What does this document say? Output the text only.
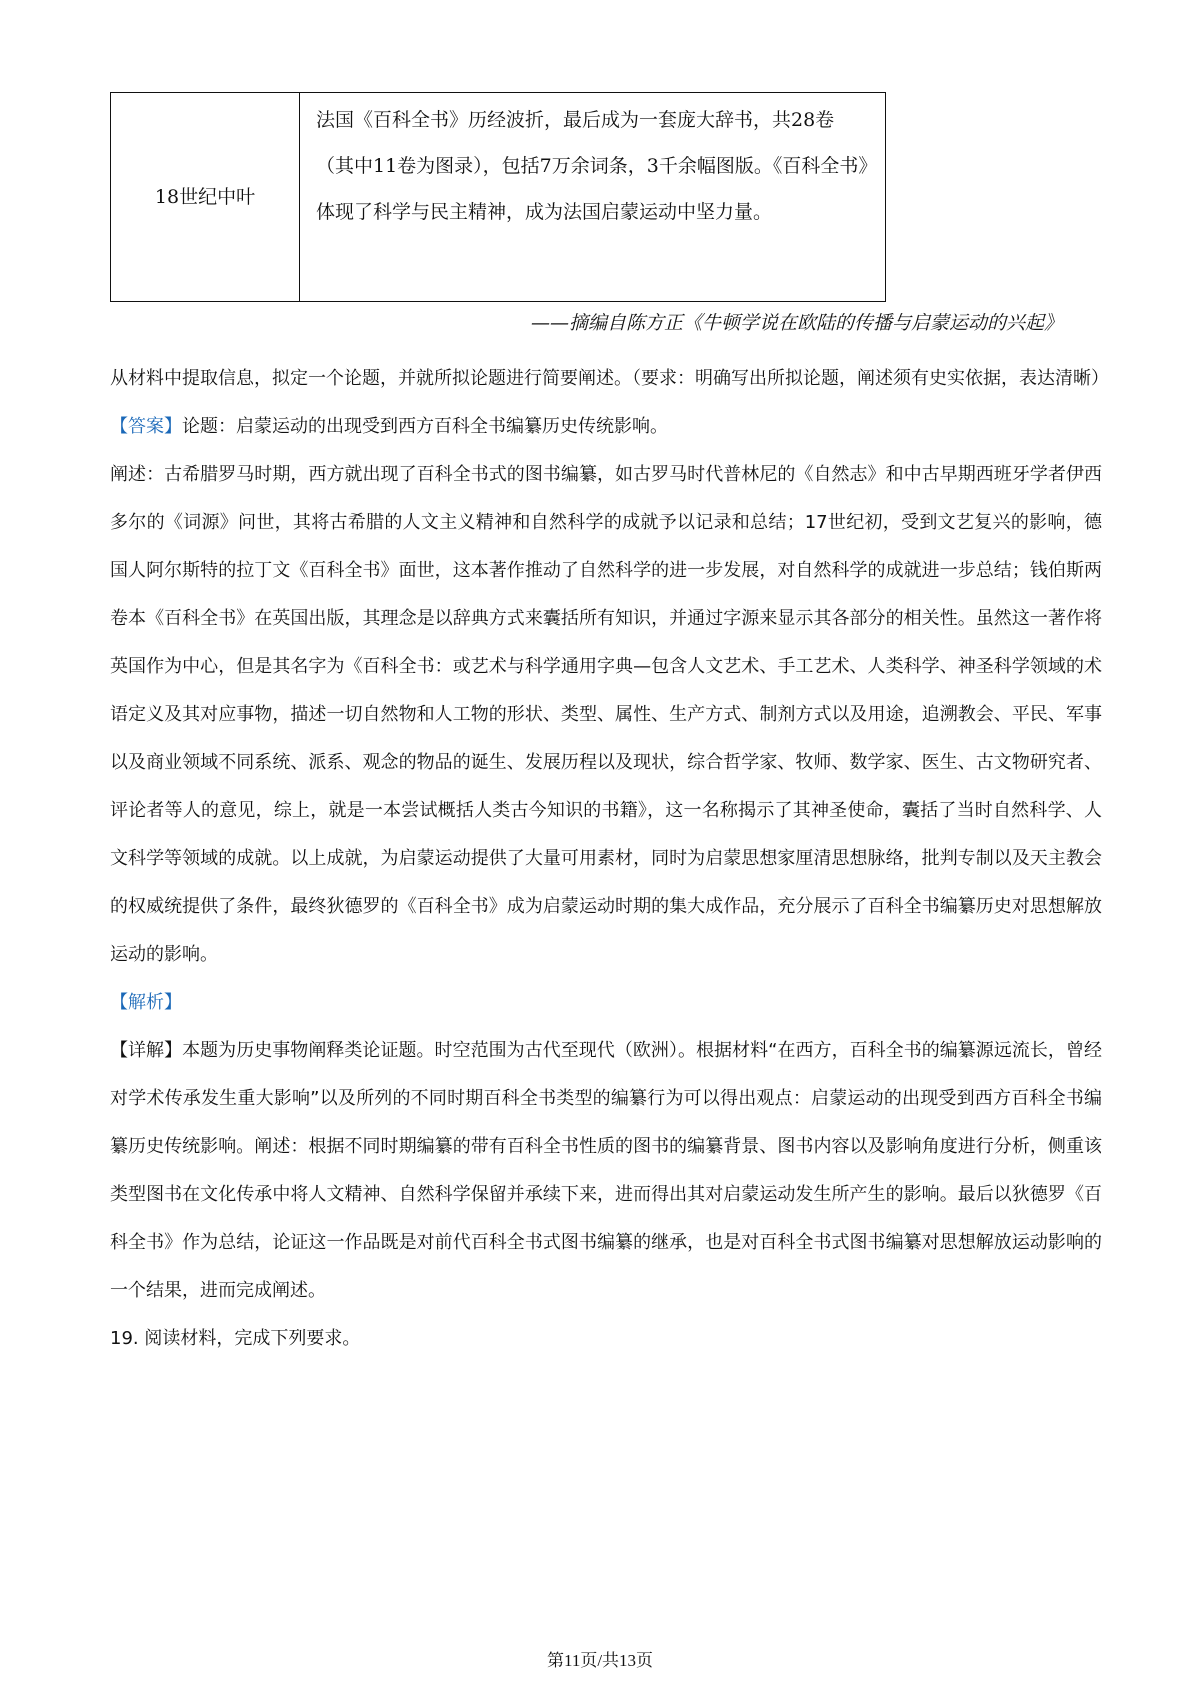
18世纪中叶	法国《百科全书》历经波折，最后成为一套庞大辞书，共28卷（其中11卷为图录），包括7万余词条，3千余幅图版。《百科全书》体现了科学与民主精神，成为法国启蒙运动中坚力量。
——摘编自陈方正《牛顿学说在欧陆的传播与启蒙运动的兴起》

从材料中提取信息，拟定一个论题，并就所拟论题进行简要阐述。（要求：明确写出所拟论题，阐述须有史实依据，表达清晰）

【答案】论题：启蒙运动的出现受到西方百科全书编纂历史传统影响。

阐述：古希腊罗马时期，西方就出现了百科全书式的图书编纂，如古罗马时代普林尼的《自然志》和中古早期西班牙学者伊西多尔的《词源》问世，其将古希腊的人文主义精神和自然科学的成就予以记录和总结；17世纪初，受到文艺复兴的影响，德国人阿尔斯特的拉丁文《百科全书》面世，这本著作推动了自然科学的进一步发展，对自然科学的成就进一步总结；钱伯斯两卷本《百科全书》在英国出版，其理念是以辞典方式来囊括所有知识，并通过字源来显示其各部分的相关性。虽然这一著作将英国作为中心，但是其名字为《百科全书：或艺术与科学通用字典—包含人文艺术、手工艺术、人类科学、神圣科学领域的术语定义及其对应事物，描述一切自然物和人工物的形状、类型、属性、生产方式、制剂方式以及用途，追溯教会、平民、军事以及商业领域不同系统、派系、观念的物品的诞生、发展历程以及现状，综合哲学家、牧师、数学家、医生、古文物研究者、评论者等人的意见，综上，就是一本尝试概括人类古今知识的书籍》，这一名称揭示了其神圣使命，囊括了当时自然科学、人文科学等领域的成就。以上成就，为启蒙运动提供了大量可用素材，同时为启蒙思想家厘清思想脉络，批判专制以及天主教会的权威统提供了条件，最终狄德罗的《百科全书》成为启蒙运动时期的集大成作品，充分展示了百科全书编纂历史对思想解放运动的影响。

【解析】

【详解】本题为历史事物阐释类论证题。时空范围为古代至现代（欧洲）。根据材料“在西方，百科全书的编纂源远流长，曾经对学术传承发生重大影响”以及所列的不同时期百科全书类型的编纂行为可以得出观点：启蒙运动的出现受到西方百科全书编纂历史传统影响。阐述：根据不同时期编纂的带有百科全书性质的图书的编纂背景、图书内容以及影响角度进行分析，侧重该类型图书在文化传承中将人文精神、自然科学保留并承续下来，进而得出其对启蒙运动发生所产生的影响。最后以狄德罗《百科全书》作为总结，论证这一作品既是对前代百科全书式图书编纂的继承，也是对百科全书式图书编纂对思想解放运动影响的一个结果，进而完成阐述。

19. 阅读材料，完成下列要求。

第11页/共13页
